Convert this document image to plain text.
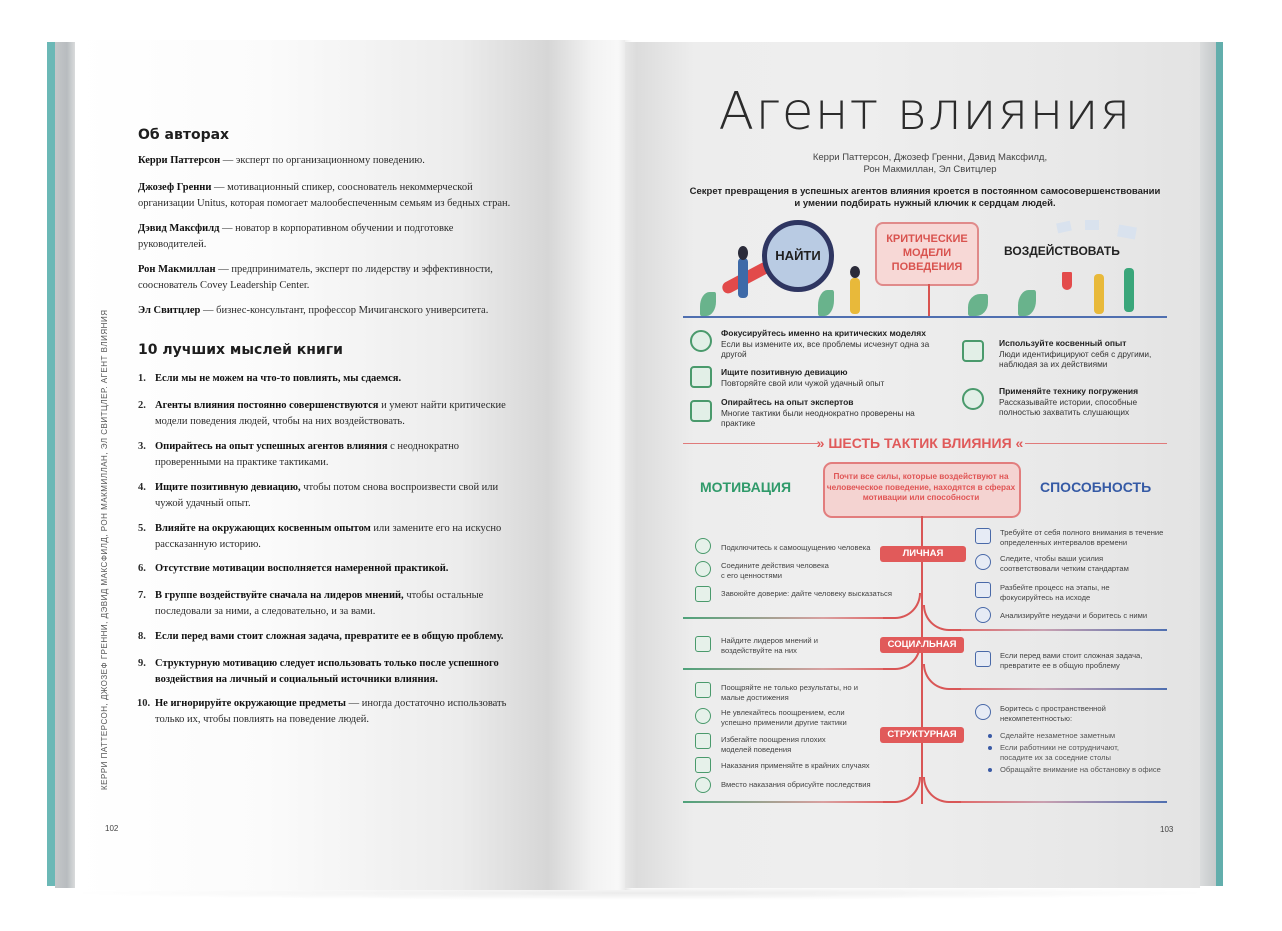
Об авторах
Керри Паттерсон — эксперт по организационному поведению.
Джозеф Гренни — мотивационный спикер, сооснователь некоммерческой организации Unitus, которая помогает малообеспеченным семьям из бедных стран.
Дэвид Максфилд — новатор в корпоративном обучении и подготовке руководителей.
Рон Макмиллан — предприниматель, эксперт по лидерству и эффективности, сооснователь Covey Leadership Center.
Эл Свитцлер — бизнес-консультант, профессор Мичиганского университета.
10 лучших мыслей книги
1. Если мы не можем на что-то повлиять, мы сдаемся.
2. Агенты влияния постоянно совершенствуются и умеют найти критические модели поведения людей, чтобы на них воздействовать.
3. Опирайтесь на опыт успешных агентов влияния с неоднократно проверенными на практике тактиками.
4. Ищите позитивную девиацию, чтобы потом снова воспроизвести свой или чужой удачный опыт.
5. Влияйте на окружающих косвенным опытом или замените его на искусно рассказанную историю.
6. Отсутствие мотивации восполняется намеренной практикой.
7. В группе воздействуйте сначала на лидеров мнений, чтобы остальные последовали за ними, а следовательно, и за вами.
8. Если перед вами стоит сложная задача, превратите ее в общую проблему.
9. Структурную мотивацию следует использовать только после успешного воздействия на личный и социальный источники влияния.
10. Не игнорируйте окружающие предметы — иногда достаточно использовать только их, чтобы повлиять на поведение людей.
КЕРРИ ПАТТЕРСОН, ДЖОЗЕФ ГРЕННИ, ДЭВИД МАКСФИЛД, РОН МАКМИЛЛАН, ЭЛ СВИТЦЛЕР. АГЕНТ ВЛИЯНИЯ
102
Агент влияния
Керри Паттерсон, Джозеф Гренни, Дэвид Максфилд,
Рон Макмиллан, Эл Свитцлер
Секрет превращения в успешных агентов влияния кроется в постоянном самосовершенствовании
и умении подбирать нужный ключик к сердцам людей.
НАЙТИ
КРИТИЧЕСКИЕ
МОДЕЛИ
ПОВЕДЕНИЯ
ВОЗДЕЙСТВОВАТЬ
Фокусируйтесь именно на критических моделях
Если вы измените их, все проблемы исчезнут одна за другой
Ищите позитивную девиацию
Повторяйте свой или чужой удачный опыт
Опирайтесь на опыт экспертов
Многие тактики были неоднократно проверены на практике
Используйте косвенный опыт
Люди идентифицируют себя с другими, наблюдая за их действиями
Применяйте технику погружения
Рассказывайте истории, способные полностью захватить слушающих
» ШЕСТЬ ТАКТИК ВЛИЯНИЯ «
МОТИВАЦИЯ	СПОСОБНОСТЬ
Почти все силы, которые воздействуют на человеческое поведение, находятся в сферах мотивации или способности
ЛИЧНАЯ
Подключитесь к самоощущению человека
Соедините действия человека с его ценностями
Завоюйте доверие: дайте человеку высказаться
Требуйте от себя полного внимания в течение определенных интервалов времени
Следите, чтобы ваши усилия соответствовали четким стандартам
Разбейте процесс на этапы, не фокусируйтесь на исходе
Анализируйте неудачи и боритесь с ними
СОЦИАЛЬНАЯ
Найдите лидеров мнений и воздействуйте на них
Если перед вами стоит сложная задача, превратите ее в общую проблему
СТРУКТУРНАЯ
Поощряйте не только результаты, но и малые достижения
Не увлекайтесь поощрением, если успешно применили другие тактики
Избегайте поощрения плохих моделей поведения
Наказания применяйте в крайних случаях
Вместо наказания обрисуйте последствия
Боритесь с пространственной некомпетентностью:
Сделайте незаметное заметным
Если работники не сотрудничают, посадите их за соседние столы
Обращайте внимание на обстановку в офисе
103
